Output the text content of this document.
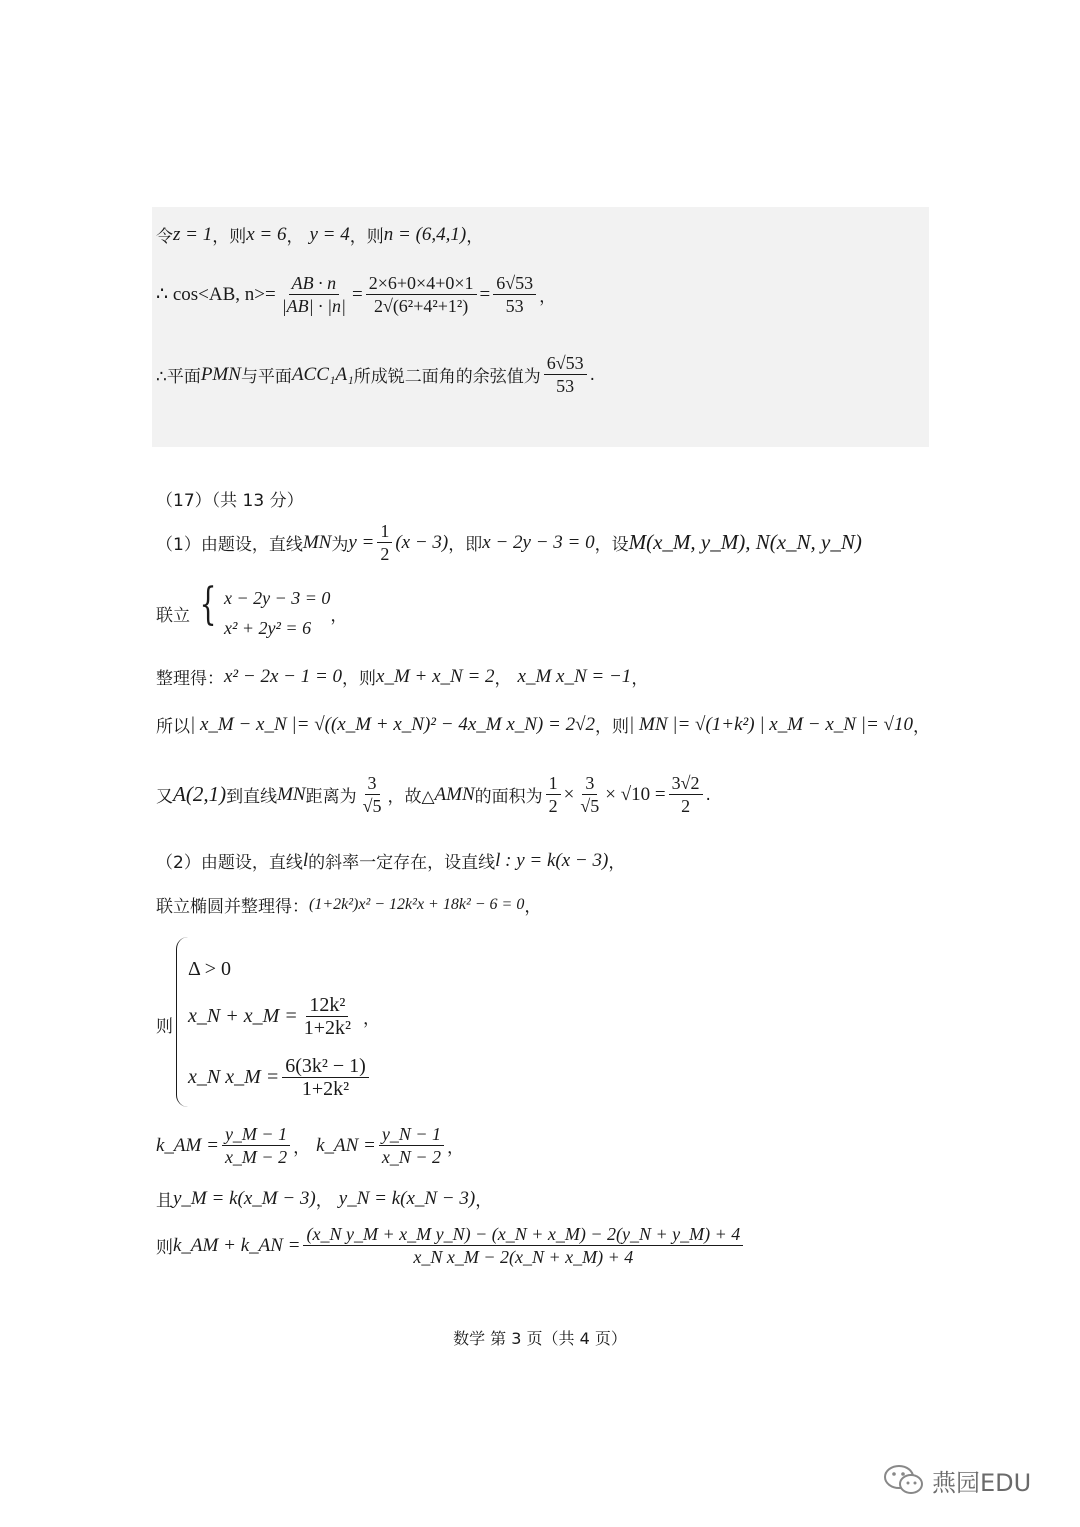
令 z = 1 ，则 x = 6 ， y = 4 ，则 n = (6,4,1) ，
∴ cos<AB, $n>= \frac{AB \cdot n}{|AB| \cdot |n|} = \frac{2\times 6+0\times 4+0\times 1}{\text{2√(6²+4²+1²)}} = \frac{6√53}{53}$ ，
∴平面 PMN 与平面 ACC₁A₁ 所成锐二面角的余弦值为 $\frac{6√53}{53}$ .
（17）（共 13 分）
（1）由题设，直线 MN 为 $y = \frac{1}{2} (x - 3)$ ，即 x − 2y − 3 = 0 ，设 M(x_M, y_M), N(x_N, y_N)
联立 { x − 2y − 3 = 0
x² + 2y² = 6
，
整理得： x² − 2x − 1 = 0 ，则 x_M + x_N = 2 ， x_M x_N = −1 ，
所以 | x_M − x_N |= √((x_M + x_N)² − 4x_M x_N) = 2√2 ，则 | MN |= √(1+k²) | x_M − x_N |= √10 ，
又 A(2,1) 到直线 MN 距离为 $\frac{3}{√5}$ ，故△ AMN 的面积为 $\frac{1}{2} \times \frac{3}{√5} \times √10 = \frac{3√2}{2}$ .
（2）由题设，直线 l 的斜率一定存在，设直线 l : y = k(x − 3) ，
联立椭圆并整理得： (1+2k²)x² − 12k²x + 18k² − 6 = 0 ，
则
Δ > 0
x_N + x_M = $\frac{\text{12k²}}{\text{1+2k²}}$ ，
x_N x_M = $\frac{\text{6(3k² − 1)}}{\text{1+2k²}}$
k_AM = $\frac{y\_M - 1}{x\_M - 2}$ ， k_AN = $\frac{y\_N - 1}{x\_N - 2}$ ，
且 y_M = k(x_M − 3) ， y_N = k(x_N − 3) ，
则 k_AM + k_AN = $\frac{\text{(x\_N y\_M + x\_M y\_N) − (x\_N + x\_M) − 2(y\_N + y\_M) + 4}}{\text{x\_N x\_M − 2(x\_N + x\_M) + 4}}$
数学 第 3 页（共 4 页）
燕园EDU
